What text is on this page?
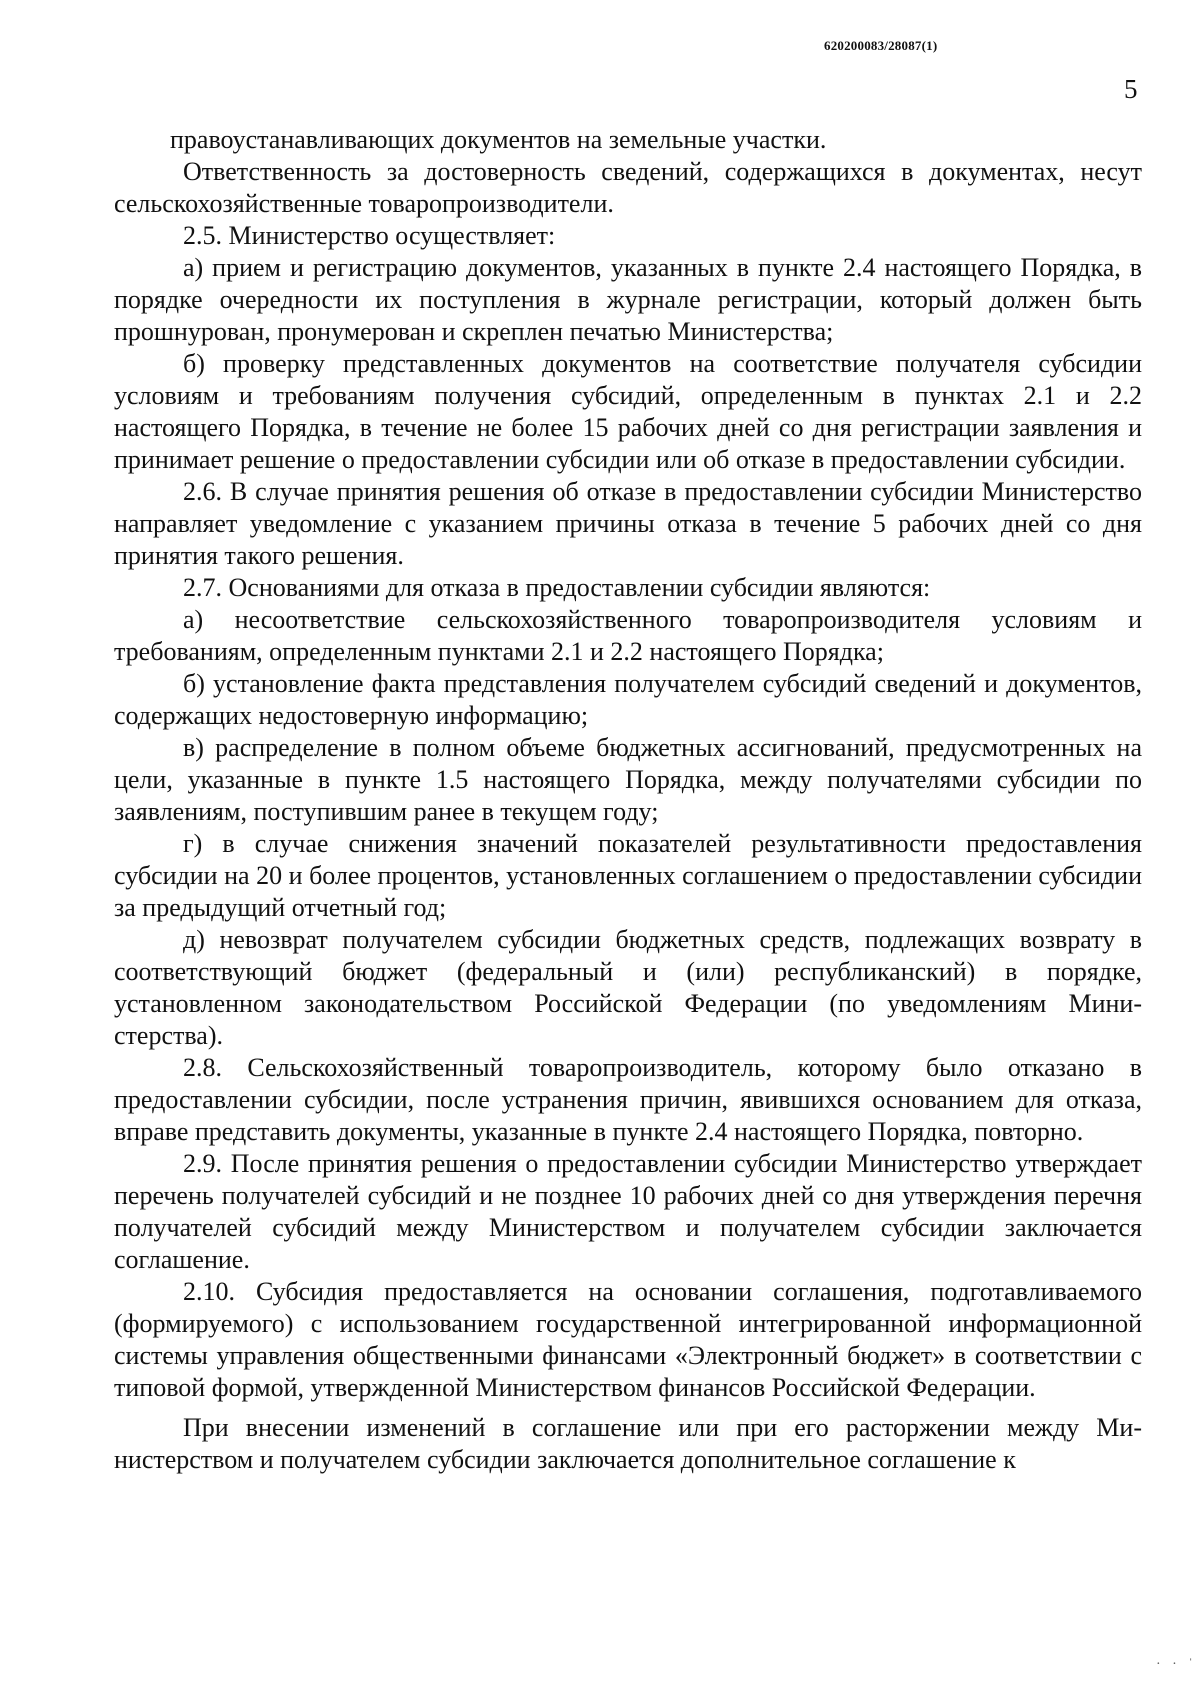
620200083/28087(1)
5

правоустанавливающих документов на земельные участки.

Ответственность за достоверность сведений, содержащихся в документах, несут сельскохозяйственные товаропроизводители.

2.5. Министерство осуществляет:

а) прием и регистрацию документов, указанных в пункте 2.4 настоящего Порядка, в порядке очередности их поступления в журнале регистрации, который должен быть прошнурован, пронумерован и скреплен печатью Министерства;

б) проверку представленных документов на соответствие получателя субсидии условиям и требованиям получения субсидий, определенным в пунктах 2.1 и 2.2 настоящего Порядка, в течение не более 15 рабочих дней со дня регистрации заявления и принимает решение о предоставлении субсидии или об отказе в предоставлении субсидии.

2.6. В случае принятия решения об отказе в предоставлении субсидии Министерство направляет уведомление с указанием причины отказа в течение 5 рабочих дней со дня принятия такого решения.

2.7. Основаниями для отказа в предоставлении субсидии являются:

а) несоответствие сельскохозяйственного товаропроизводителя условиям и требованиям, определенным пунктами 2.1 и 2.2 настоящего Порядка;

б) установление факта представления получателем субсидий сведений и документов, содержащих недостоверную информацию;

в) распределение в полном объеме бюджетных ассигнований, предусмотренных на цели, указанные в пункте 1.5 настоящего Порядка, между получателями субсидии по заявлениям, поступившим ранее в текущем году;

г) в случае снижения значений показателей результативности предоставления субсидии на 20 и более процентов, установленных соглашением о предоставлении субсидии за предыдущий отчетный год;

д) невозврат получателем субсидии бюджетных средств, подлежащих возврату в соответствующий бюджет (федеральный и (или) республиканский) в порядке, установленном законодательством Российской Федерации (по уведомлениям Министерства).

2.8. Сельскохозяйственный товаропроизводитель, которому было отказано в предоставлении субсидии, после устранения причин, явившихся основанием для отказа, вправе представить документы, указанные в пункте 2.4 настоящего Порядка, повторно.

2.9. После принятия решения о предоставлении субсидии Министерство утверждает перечень получателей субсидий и не позднее 10 рабочих дней со дня утверждения перечня получателей субсидий между Министерством и получателем субсидии заключается соглашение.

2.10. Субсидия предоставляется на основании соглашения, подготавливаемого (формируемого) с использованием государственной интегрированной информационной системы управления общественными финансами «Электронный бюджет» в соответствии с типовой формой, утвержденной Министерством финансов Российской Федерации.

При внесении изменений в соглашение или при его расторжении между Министерством и получателем субсидии заключается дополнительное соглашение к

· · ˈ
